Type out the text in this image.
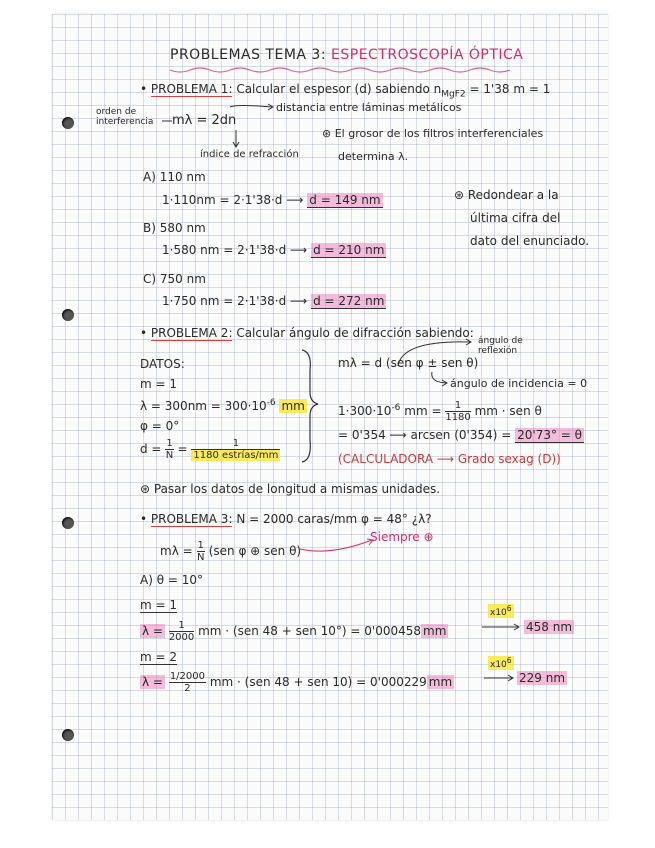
PROBLEMAS TEMA 3: ESPECTROSCOPÍA ÓPTICA
• PROBLEMA 1: Calcular el espesor (d) sabiendo $n_{MgF2} = 1'38$ m = 1
orden de interferencia	mλ = 2dn
distancia entre láminas metálicos
índice de refracción
⊛ El grosor de los filtros interferenciales
determina λ.
A) 110 nm
1·110nm = 2·1'38·d ⟶ d = 149 nm
B) 580 nm
1·580 nm = 2·1'38·d ⟶ d = 210 nm
C) 750 nm
1·750 nm = 2·1'38·d ⟶ d = 272 nm
⊛ Redondear a la
última cifra del
dato del enunciado.
• PROBLEMA 2: Calcular ángulo de difracción sabiendo:
DATOS:
m = 1
$\lambda = 300nm = 300\cdot 10^{-6}$ mm
φ = 0°
$d = \frac{1}{N} = \frac{1}{\text{1180 estrías/mm}}$
mλ = d (sen φ ± sen θ)
ángulo de reflexión
ángulo de incidencia = 0
$1\cdot 300\cdot 10^{-6}$ mm = $\frac{1}{1180}$ mm · sen θ
= 0'354 ⟶ arcsen (0'354) = 20'73° = θ
(CALCULADORA ⟶ Grado sexag (D))
⊛ Pasar los datos de longitud a mismas unidades.
• PROBLEMA 3: N = 2000 caras/mm φ = 48° ¿λ?
$m\lambda = \frac{1}{N} (sen$ φ ⊕ sen θ)
Siempre ⊕
A) θ = 10°
m = 1
$\lambda = \frac{1}{2000}$ mm · (sen 48 + sen 10°) = 0'000458 mm
$x10^6$
458 nm
m = 2
$\lambda = \frac{1/2000}{2}$ mm · (sen 48 + sen 10) = 0'000229 mm
$x10^6$
229 nm
